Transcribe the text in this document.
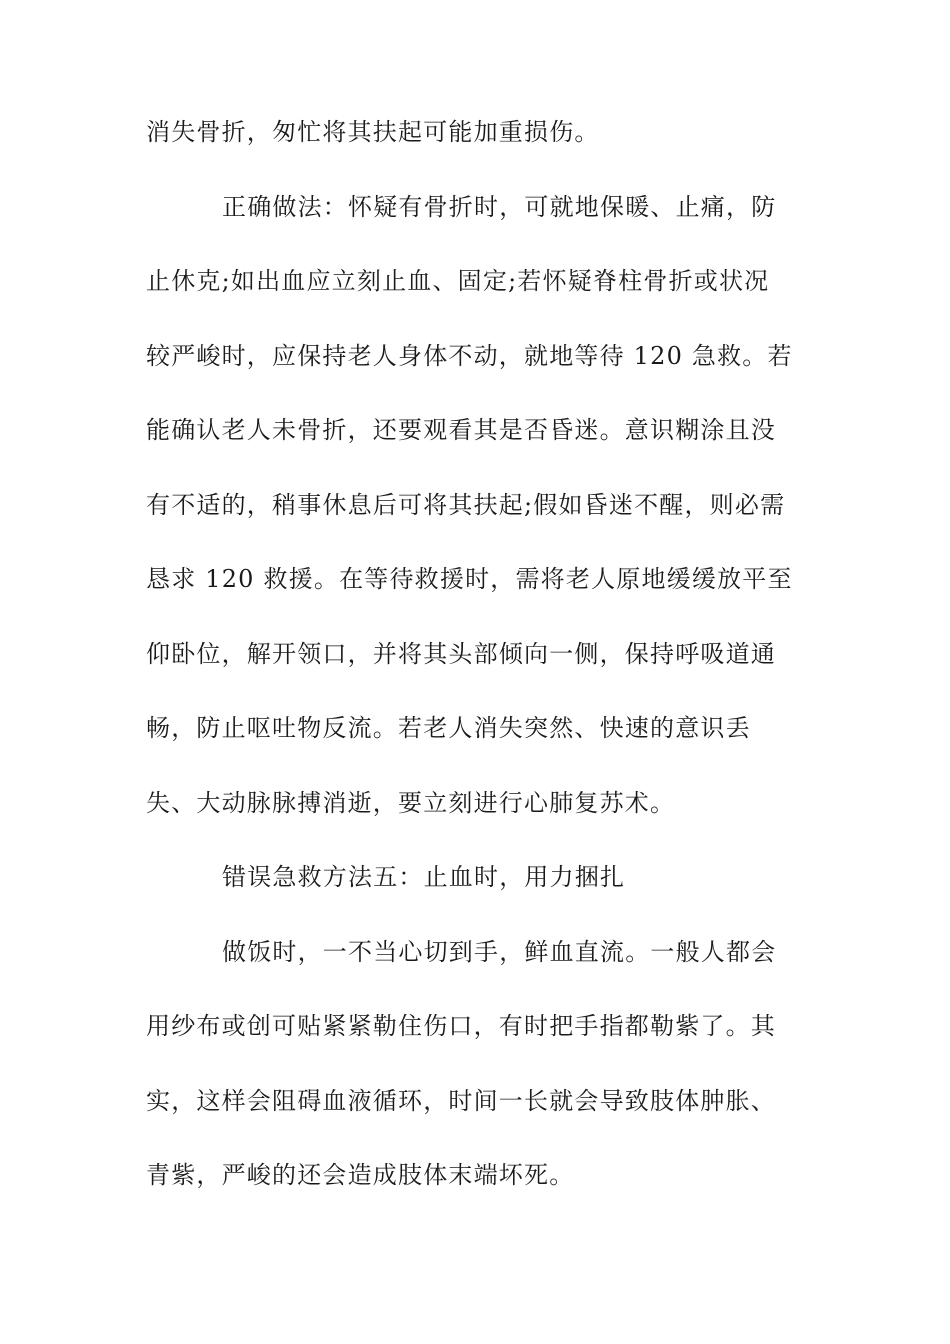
消失骨折，匆忙将其扶起可能加重损伤。
正确做法：怀疑有骨折时，可就地保暖、止痛，防
止休克;如出血应立刻止血、固定;若怀疑脊柱骨折或状况
较严峻时，应保持老人身体不动，就地等待 120 急救。若
能确认老人未骨折，还要观看其是否昏迷。意识糊涂且没
有不适的，稍事休息后可将其扶起;假如昏迷不醒，则必需
恳求 120 救援。在等待救援时，需将老人原地缓缓放平至
仰卧位，解开领口，并将其头部倾向一侧，保持呼吸道通
畅，防止呕吐物反流。若老人消失突然、快速的意识丢
失、大动脉脉搏消逝，要立刻进行心肺复苏术。
错误急救方法五：止血时，用力捆扎
做饭时，一不当心切到手，鲜血直流。一般人都会
用纱布或创可贴紧紧勒住伤口，有时把手指都勒紫了。其
实，这样会阻碍血液循环，时间一长就会导致肢体肿胀、
青紫，严峻的还会造成肢体末端坏死。
